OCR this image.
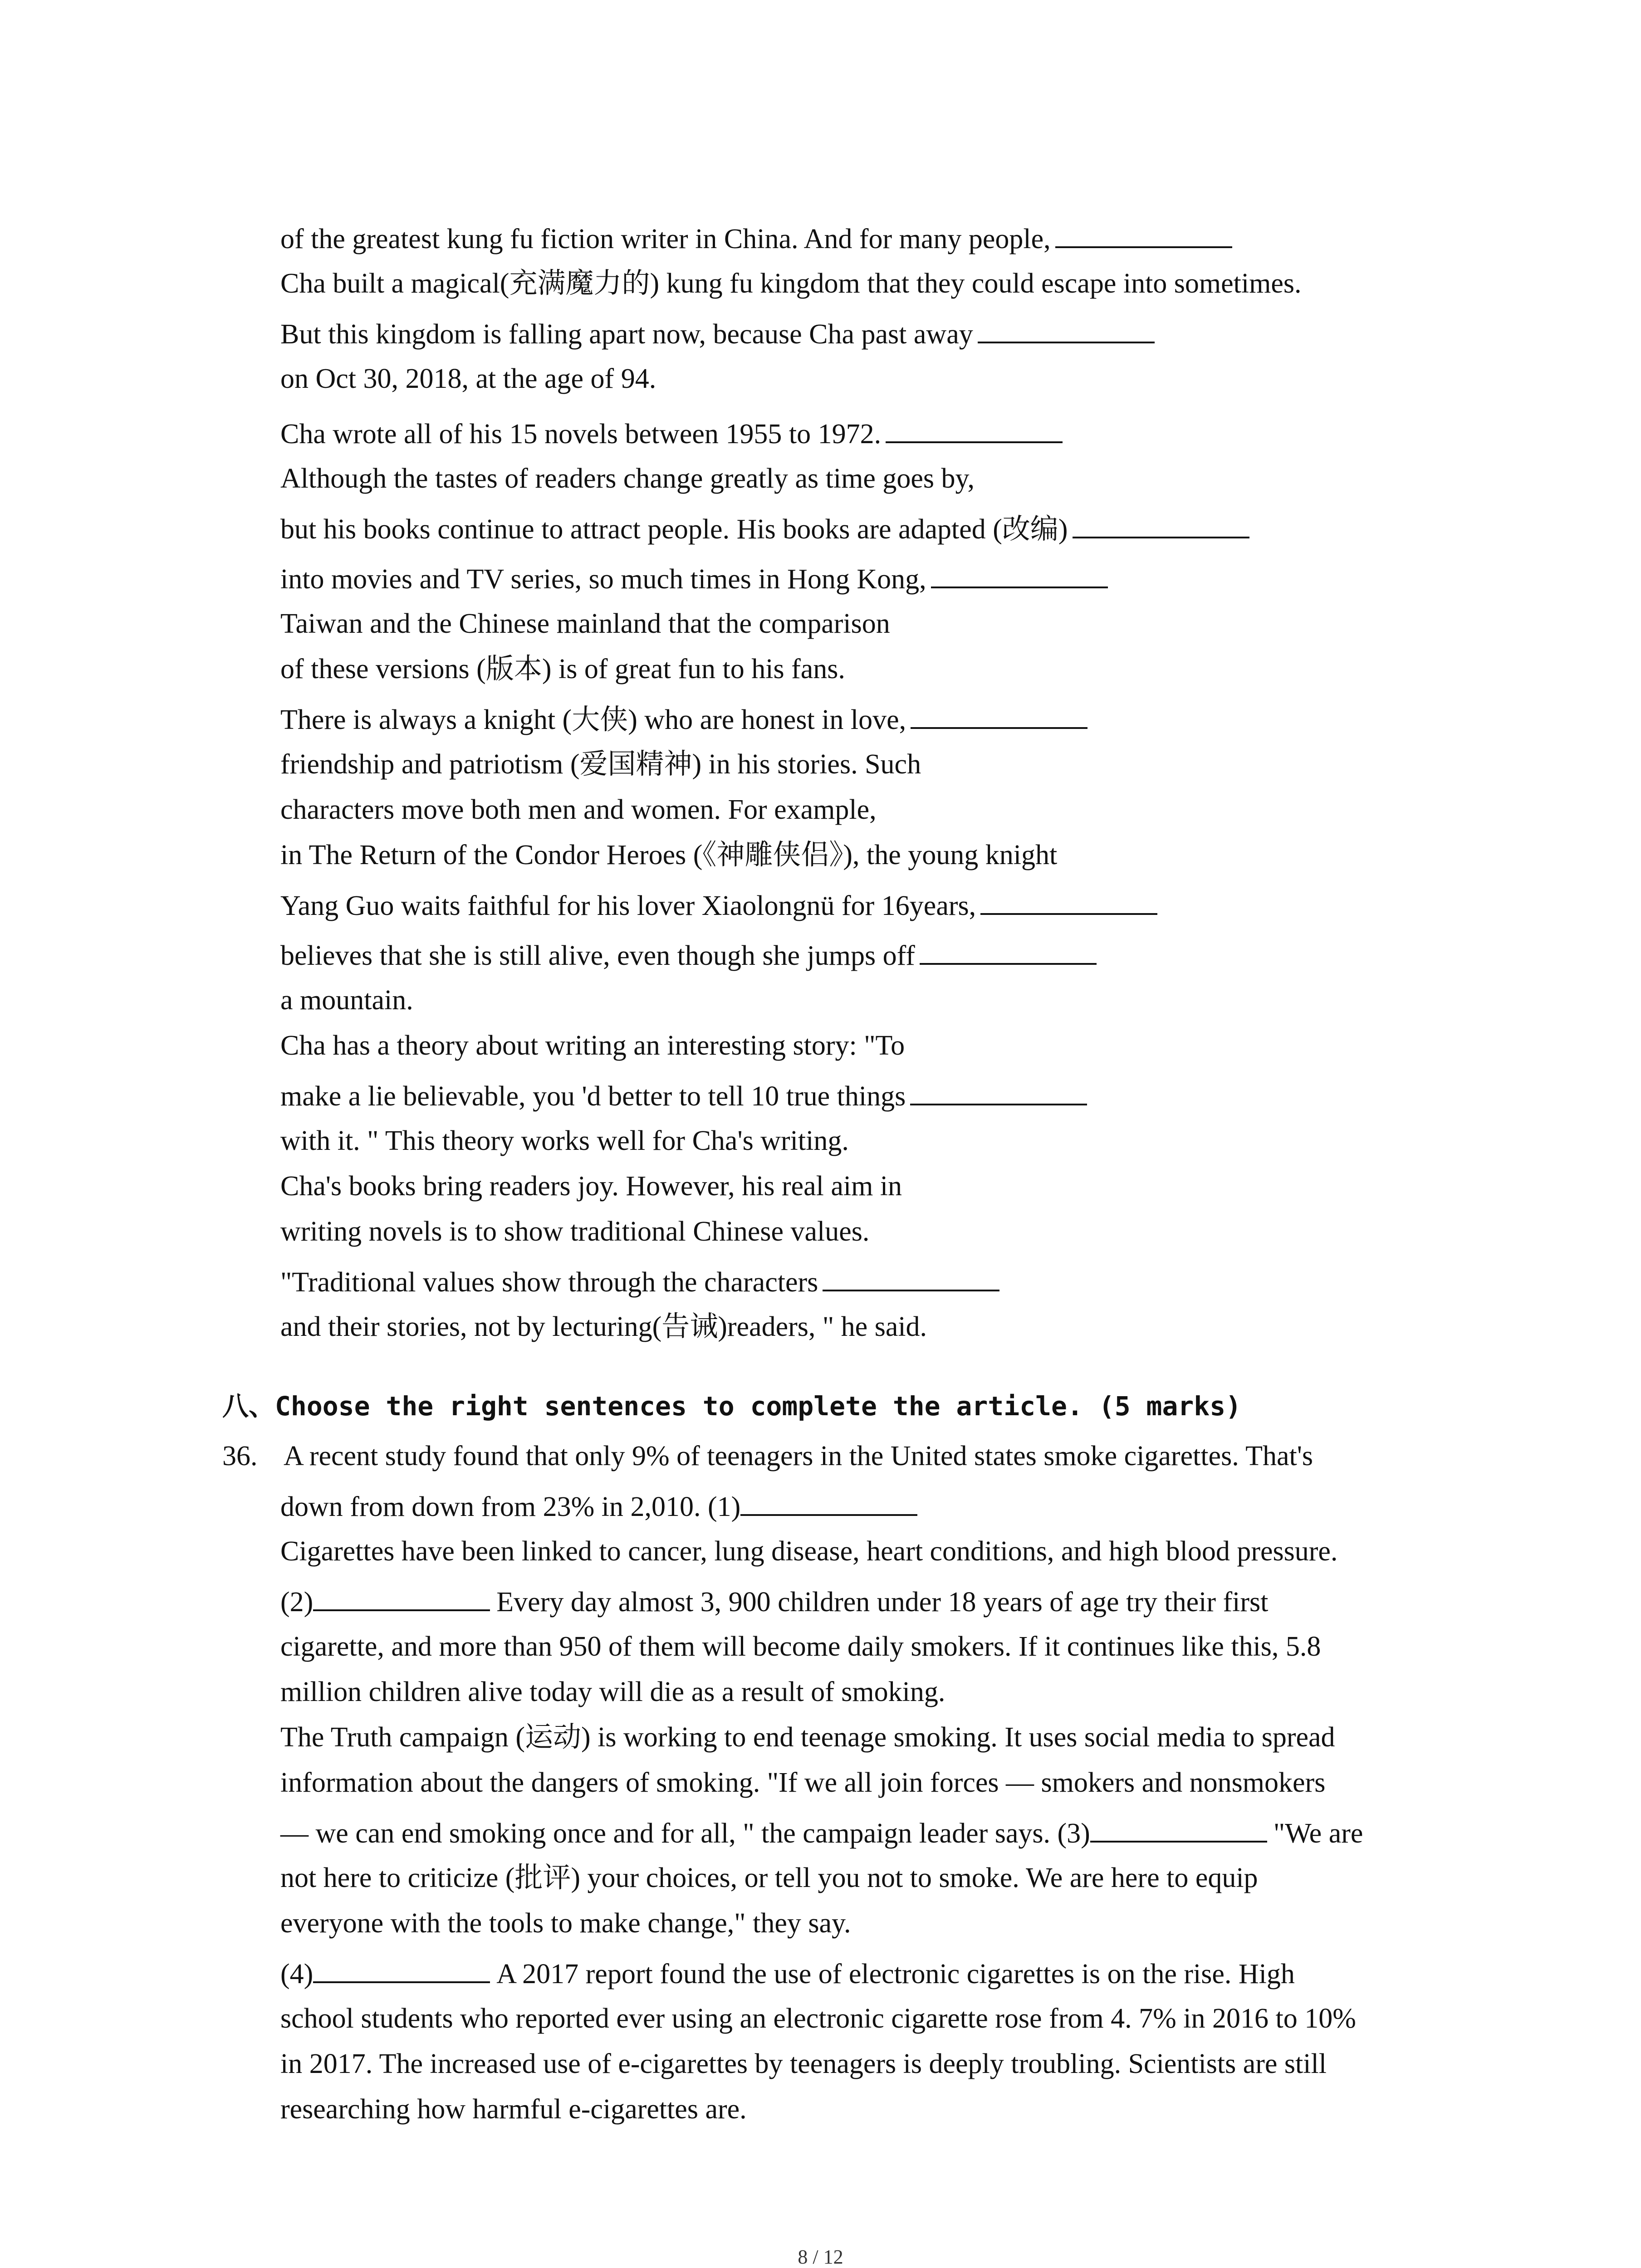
of the greatest kung fu fiction writer in China. And for many people,
Cha built a magical(充满魔力的) kung fu kingdom that they could escape into sometimes.
But this kingdom is falling apart now, because Cha past away
on Oct 30, 2018, at the age of 94.
Cha wrote all of his 15 novels between 1955 to 1972.
Although the tastes of readers change greatly as time goes by,
but his books continue to attract people. His books are adapted (改编)
into movies and TV series, so much times in Hong Kong,
Taiwan and the Chinese mainland that the comparison
of these versions (版本) is of great fun to his fans.
There is always a knight (大侠) who are honest in love,
friendship and patriotism (爱国精神) in his stories. Such
characters move both men and women. For example,
in The Return of the Condor Heroes (《神雕侠侣》), the young knight
Yang Guo waits faithful for his lover Xiaolongnü for 16years,
believes that she is still alive, even though she jumps off
a mountain.
Cha has a theory about writing an interesting story: "To
make a lie believable, you 'd better to tell 10 true things
with it. " This theory works well for Cha's writing.
Cha's books bring readers joy. However, his real aim in
writing novels is to show traditional Chinese values.
"Traditional values show through the characters
and their stories, not by lecturing(告诫)readers, " he said.
八、Choose the right sentences to complete the article. (5 marks)
36. A recent study found that only 9% of teenagers in the United states smoke cigarettes. That's
down from down from 23% in 2,010. (1)
Cigarettes have been linked to cancer, lung disease, heart conditions, and high blood pressure.
(2)	Every day almost 3, 900 children under 18 years of age try their first
cigarette, and more than 950 of them will become daily smokers. If it continues like this, 5.8
million children alive today will die as a result of smoking.
The Truth campaign (运动) is working to end teenage smoking. It uses social media to spread
information about the dangers of smoking. "If we all join forces — smokers and nonsmokers
— we can end smoking once and for all, " the campaign leader says. (3)	"We are
not here to criticize (批评) your choices, or tell you not to smoke. We are here to equip
everyone with the tools to make change," they say.
(4)	A 2017 report found the use of electronic cigarettes is on the rise. High
school students who reported ever using an electronic cigarette rose from 4. 7% in 2016 to 10%
in 2017. The increased use of e-cigarettes by teenagers is deeply troubling. Scientists are still
researching how harmful e-cigarettes are.
8 / 12
